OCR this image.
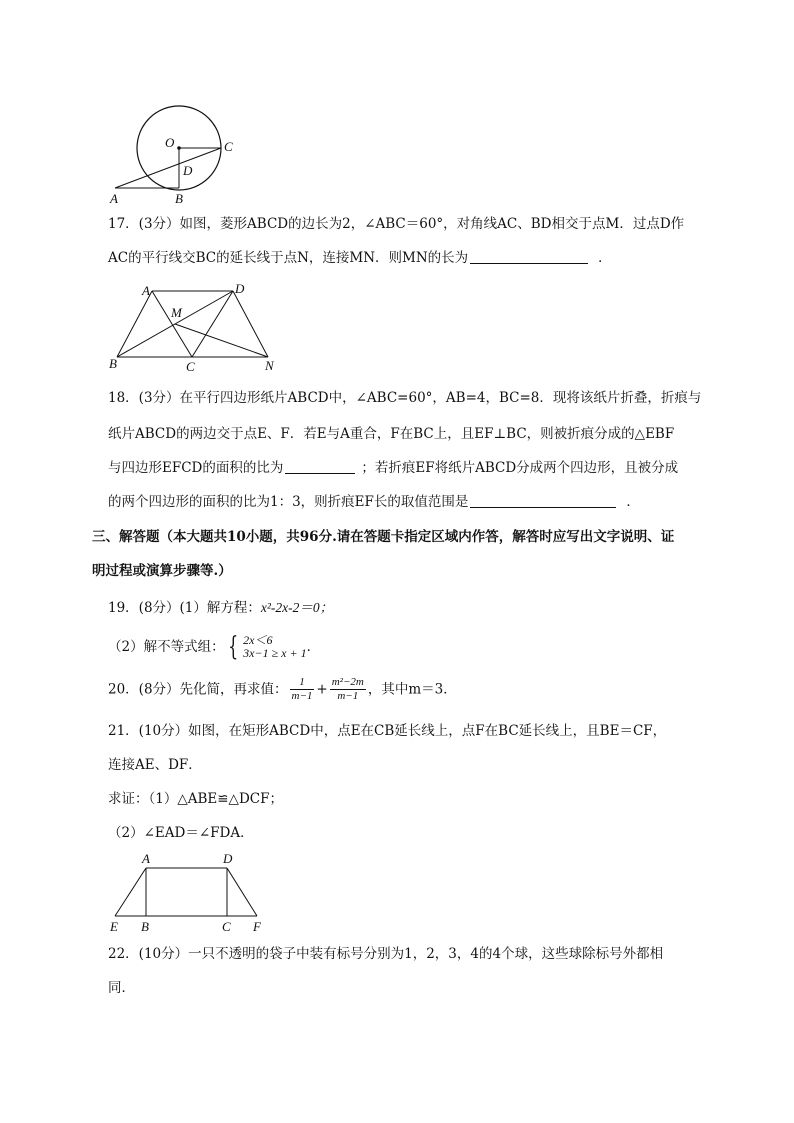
O	C
D
A	B
17．(3分）如图，菱形ABCD的边长为2，∠ABC＝60°，对角线AC、BD相交于点M．过点D作
AC的平行线交BC的延长线于点N，连接MN．则MN的长为	．
A	D
M
B	C	N
18．(3分）在平行四边形纸片ABCD中，∠ABC=60°，AB=4，BC=8．现将该纸片折叠，折痕与
纸片ABCD的两边交于点E、F．若E与A重合，F在BC上，且EF⊥BC，则被折痕分成的△EBF
与四边形EFCD的面积的比为	；若折痕EF将纸片ABCD分成两个四边形，且被分成
的两个四边形的面积的比为1：3，则折痕EF长的取值范围是	．
三、解答题（本大题共10小题，共96分.请在答题卡指定区域内作答，解答时应写出文字说明、证
明过程或演算步骤等.）
19．(8分）(1）解方程：x²-2x-2＝0；
（2）解不等式组： { 2x＜6
3x−1 ≥ x + 1 ．
20．(8分）先化简，再求值： $\frac{1}{m-1} + \frac{\text{m²−2m}}{m-1}$ ，其中m＝3．
21．(10分）如图，在矩形ABCD中，点E在CB延长线上，点F在BC延长线上，且BE＝CF，
连接AE、DF．
求证：（1）△ABE≌△DCF；
（2）∠EAD＝∠FDA．
A	D
E B	C F
22．(10分）一只不透明的袋子中装有标号分别为1，2，3，4的4个球，这些球除标号外都相
同．
